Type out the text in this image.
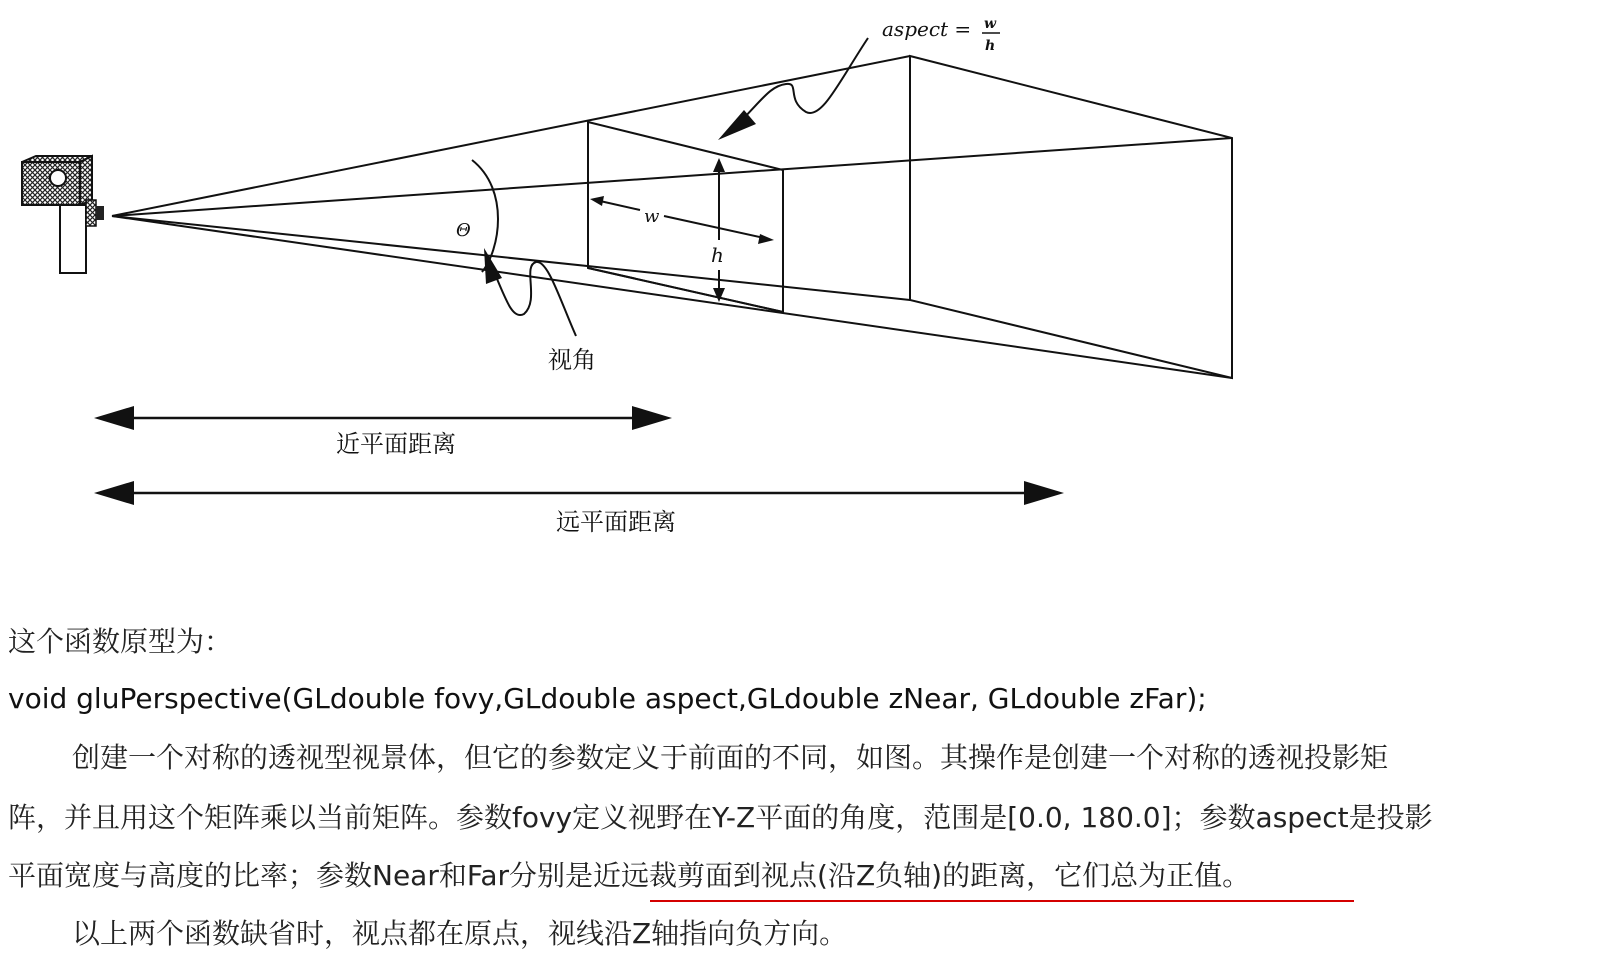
Θ
aspect = w
h
w
h
视角
近平面距离
远平面距离
这个函数原型为：
void gluPerspective(GLdouble fovy,GLdouble aspect,GLdouble zNear, GLdouble zFar);
创建一个对称的透视型视景体，但它的参数定义于前面的不同，如图。其操作是创建一个对称的透视投影矩
阵，并且用这个矩阵乘以当前矩阵。参数fovy定义视野在Y-Z平面的角度，范围是[0.0, 180.0]；参数aspect是投影
平面宽度与高度的比率；参数Near和Far分别是近远裁剪面到视点(沿Z负轴)的距离，它们总为正值。
以上两个函数缺省时，视点都在原点，视线沿Z轴指向负方向。
